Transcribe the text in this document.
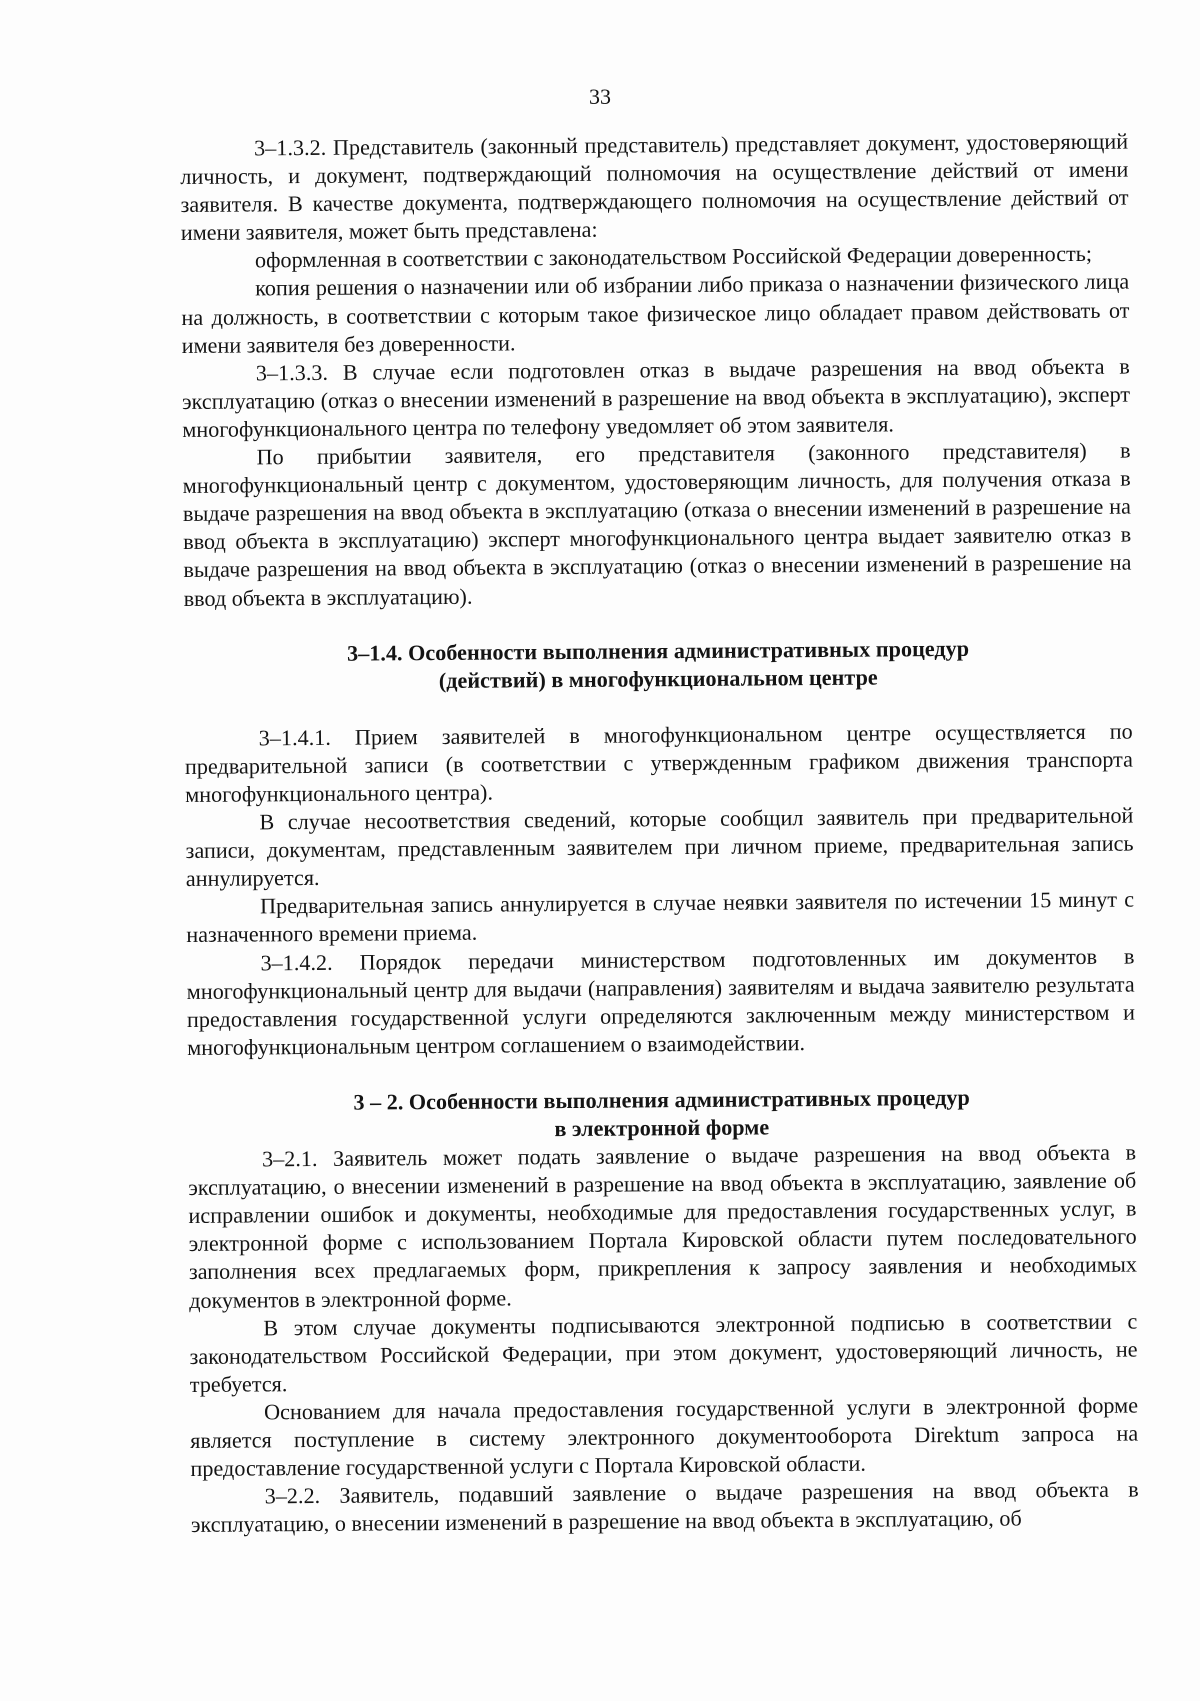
33

3–1.3.2. Представитель (законный представитель) представляет документ, удостоверяющий личность, и документ, подтверждающий полномочия на осуществление действий от имени заявителя. В качестве документа, подтверждающего полномочия на осуществление действий от имени заявителя, может быть представлена:

оформленная в соответствии с законодательством Российской Федерации доверенность;

копия решения о назначении или об избрании либо приказа о назначении физического лица на должность, в соответствии с которым такое физическое лицо обладает правом действовать от имени заявителя без доверенности.

3–1.3.3. В случае если подготовлен отказ в выдаче разрешения на ввод объекта в эксплуатацию (отказ о внесении изменений в разрешение на ввод объекта в эксплуатацию), эксперт многофункционального центра по телефону уведомляет об этом заявителя.

По прибытии заявителя, его представителя (законного представителя) в многофункциональный центр с документом, удостоверяющим личность, для получения отказа в выдаче разрешения на ввод объекта в эксплуатацию (отказа о внесении изменений в разрешение на ввод объекта в эксплуатацию) эксперт многофункционального центра выдает заявителю отказ в выдаче разрешения на ввод объекта в эксплуатацию (отказ о внесении изменений в разрешение на ввод объекта в эксплуатацию).

3–1.4. Особенности выполнения административных процедур
(действий) в многофункциональном центре

3–1.4.1. Прием заявителей в многофункциональном центре осуществляется по предварительной записи (в соответствии с утвержденным графиком движения транспорта многофункционального центра).

В случае несоответствия сведений, которые сообщил заявитель при предварительной записи, документам, представленным заявителем при личном приеме, предварительная запись аннулируется.

Предварительная запись аннулируется в случае неявки заявителя по истечении 15 минут с назначенного времени приема.

3–1.4.2. Порядок передачи министерством подготовленных им документов в многофункциональный центр для выдачи (направления) заявителям и выдача заявителю результата предоставления государственной услуги определяются заключенным между министерством и многофункциональным центром соглашением о взаимодействии.

3 – 2. Особенности выполнения административных процедур
в электронной форме

3–2.1. Заявитель может подать заявление о выдаче разрешения на ввод объекта в эксплуатацию, о внесении изменений в разрешение на ввод объекта в эксплуатацию, заявление об исправлении ошибок и документы, необходимые для предоставления государственных услуг, в электронной форме с использованием Портала Кировской области путем последовательного заполнения всех предлагаемых форм, прикрепления к запросу заявления и необходимых документов в электронной форме.

В этом случае документы подписываются электронной подписью в соответствии с законодательством Российской Федерации, при этом документ, удостоверяющий личность, не требуется.

Основанием для начала предоставления государственной услуги в электронной форме является поступление в систему электронного документооборота Direktum запроса на предоставление государственной услуги с Портала Кировской области.

3–2.2. Заявитель, подавший заявление о выдаче разрешения на ввод объекта в эксплуатацию, о внесении изменений в разрешение на ввод объекта в эксплуатацию, об
